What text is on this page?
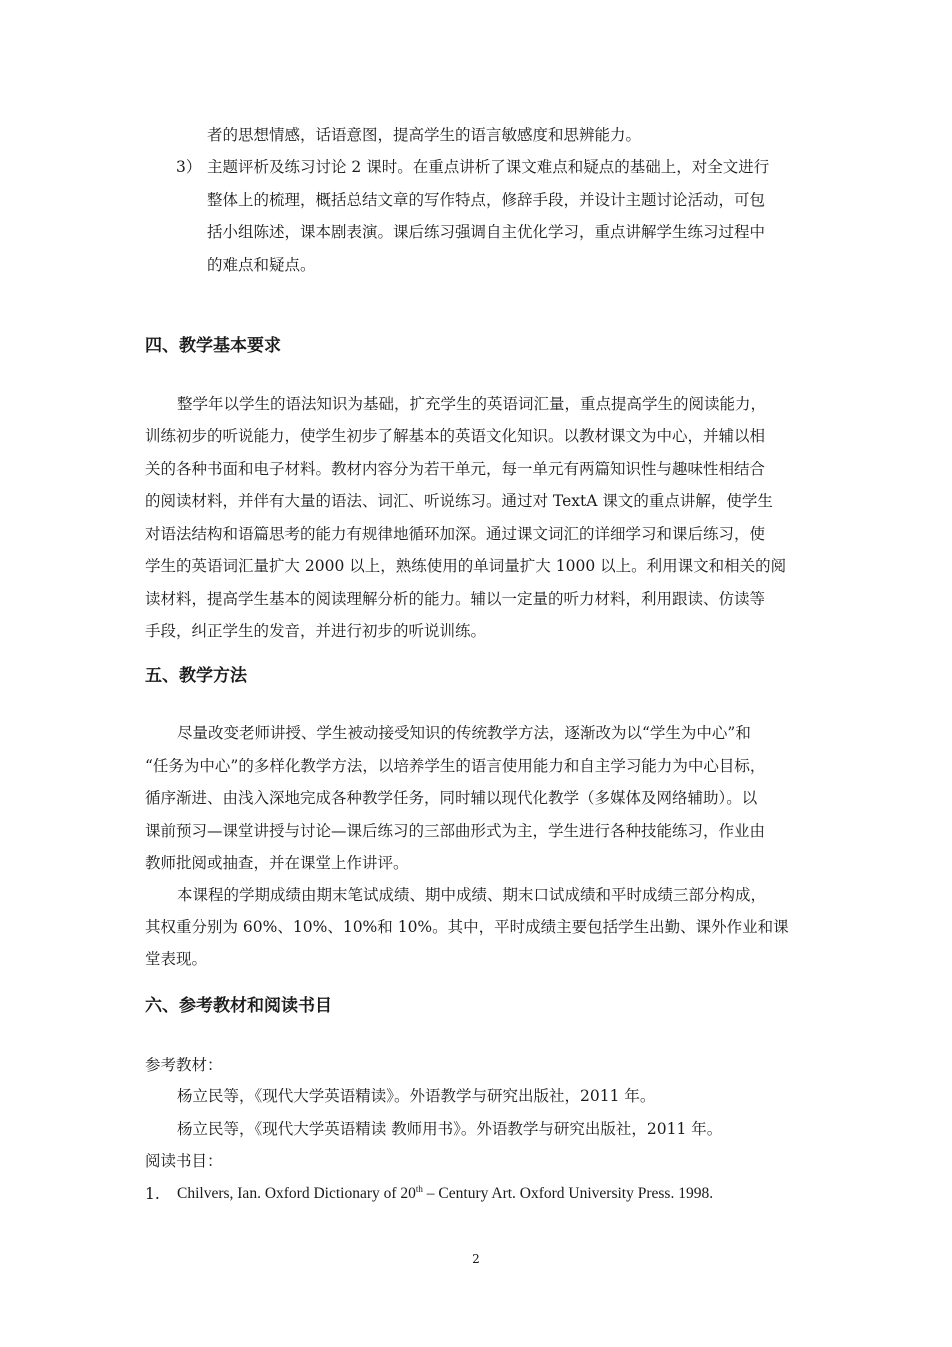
者的思想情感，话语意图，提高学生的语言敏感度和思辨能力。
3） 主题评析及练习讨论 2 课时。在重点讲析了课文难点和疑点的基础上，对全文进行
整体上的梳理，概括总结文章的写作特点，修辞手段，并设计主题讨论活动，可包
括小组陈述，课本剧表演。课后练习强调自主优化学习，重点讲解学生练习过程中
的难点和疑点。
四、教学基本要求
整学年以学生的语法知识为基础，扩充学生的英语词汇量，重点提高学生的阅读能力，
训练初步的听说能力，使学生初步了解基本的英语文化知识。以教材课文为中心，并辅以相
关的各种书面和电子材料。教材内容分为若干单元，每一单元有两篇知识性与趣味性相结合
的阅读材料，并伴有大量的语法、词汇、听说练习。通过对 TextA 课文的重点讲解，使学生
对语法结构和语篇思考的能力有规律地循环加深。通过课文词汇的详细学习和课后练习，使
学生的英语词汇量扩大 2000 以上，熟练使用的单词量扩大 1000 以上。利用课文和相关的阅
读材料，提高学生基本的阅读理解分析的能力。辅以一定量的听力材料，利用跟读、仿读等
手段，纠正学生的发音，并进行初步的听说训练。
五、教学方法
尽量改变老师讲授、学生被动接受知识的传统教学方法，逐渐改为以“学生为中心”和
“任务为中心”的多样化教学方法，以培养学生的语言使用能力和自主学习能力为中心目标，
循序渐进、由浅入深地完成各种教学任务，同时辅以现代化教学（多媒体及网络辅助）。以
课前预习—课堂讲授与讨论—课后练习的三部曲形式为主，学生进行各种技能练习，作业由
教师批阅或抽查，并在课堂上作讲评。
本课程的学期成绩由期末笔试成绩、期中成绩、期末口试成绩和平时成绩三部分构成，
其权重分别为 60%、10%、10%和 10%。其中，平时成绩主要包括学生出勤、课外作业和课
堂表现。
六、参考教材和阅读书目
参考教材：
杨立民等，《现代大学英语精读》。外语教学与研究出版社，2011 年。
杨立民等，《现代大学英语精读 教师用书》。外语教学与研究出版社，2011 年。
阅读书目：
1. Chilvers, Ian. Oxford Dictionary of 20th – Century Art. Oxford University Press. 1998.
2
